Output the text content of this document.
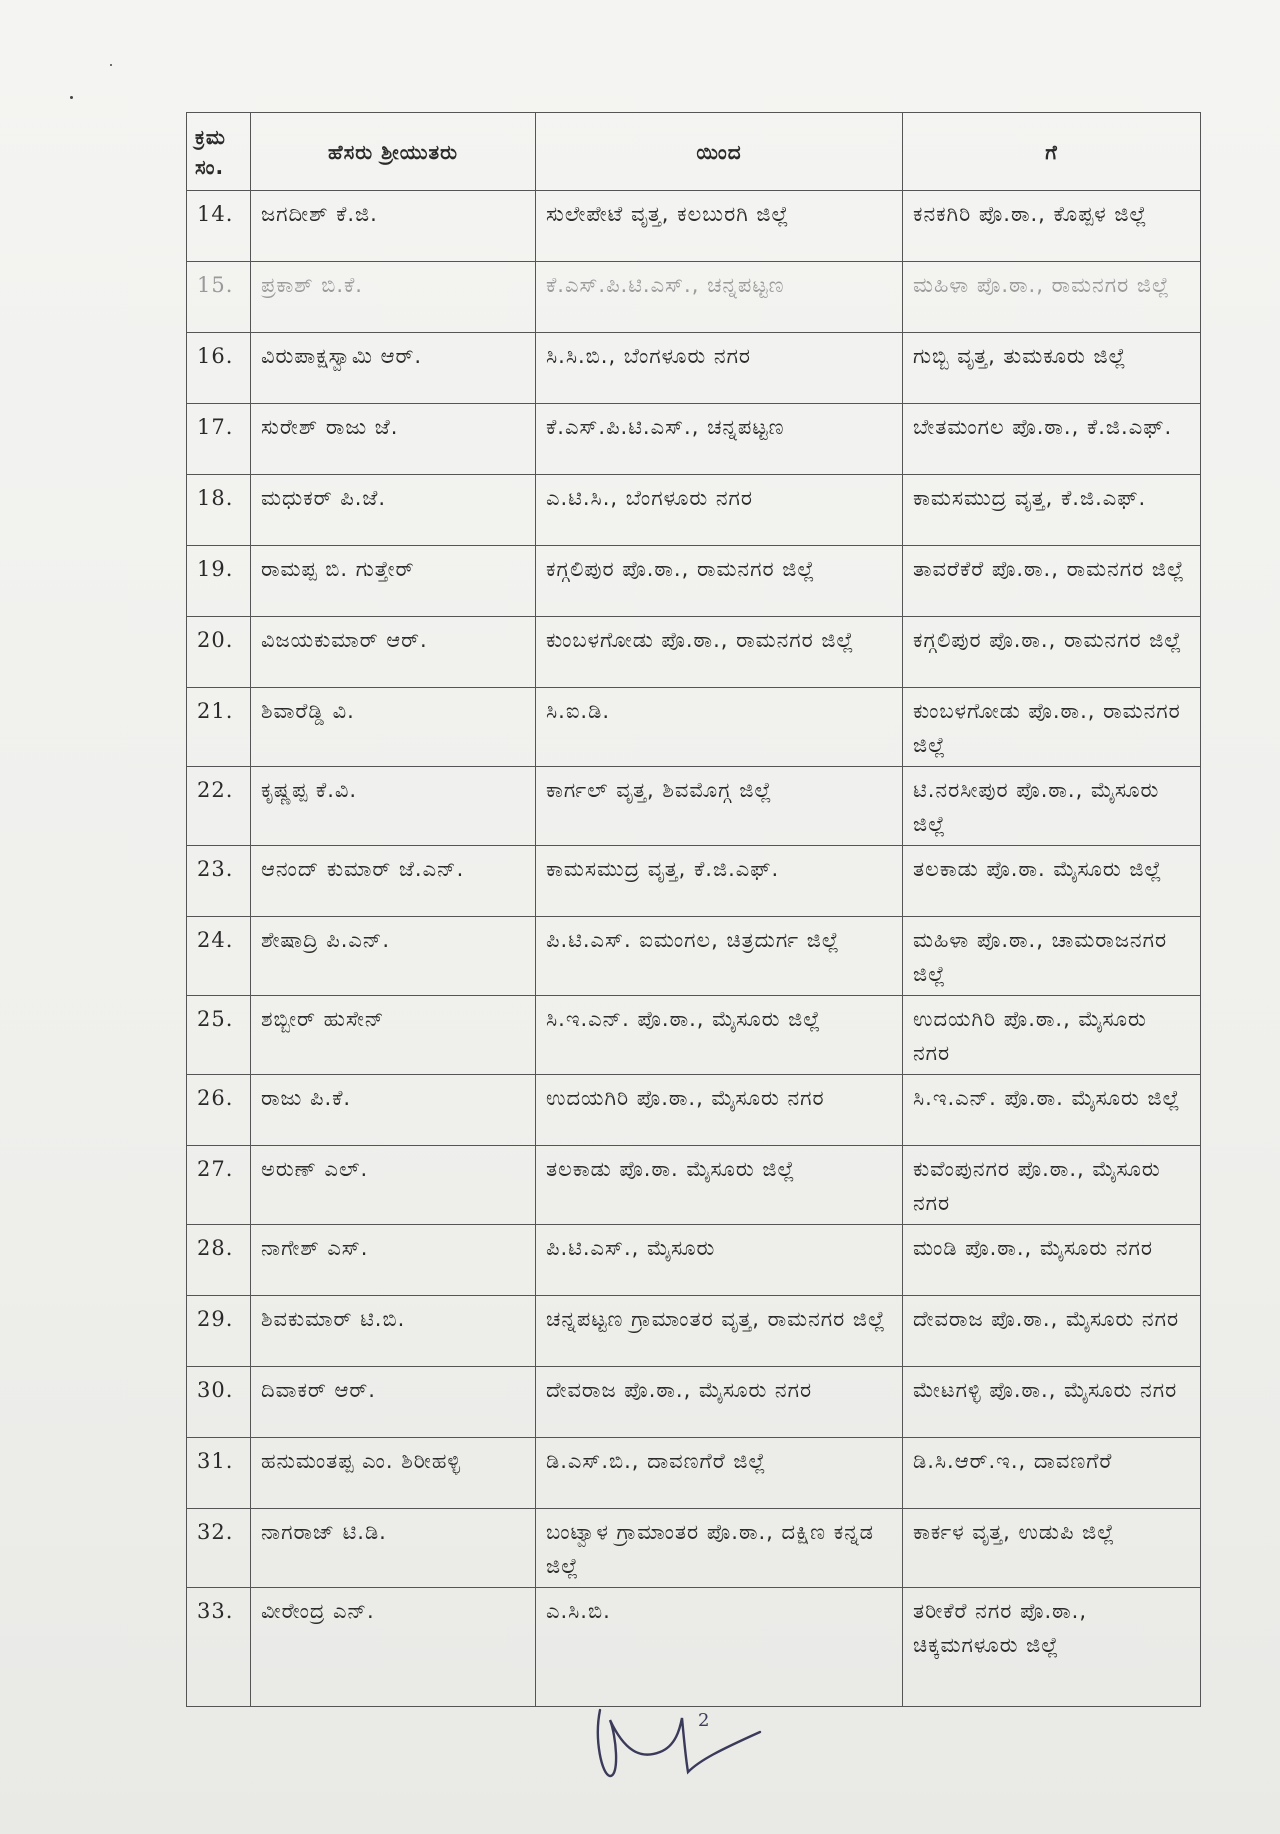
ಕ್ರಮ ಸಂ.	ಹೆಸರು ಶ್ರೀಯುತರು	ಯಿಂದ	ಗೆ
14.	ಜಗದೀಶ್ ಕೆ.ಜಿ.	ಸುಲೇಪೇಟೆ ವೃತ್ತ, ಕಲಬುರಗಿ ಜಿಲ್ಲೆ	ಕನಕಗಿರಿ ಪೊ.ಠಾ., ಕೊಪ್ಪಳ ಜಿಲ್ಲೆ
15.	ಪ್ರಕಾಶ್ ಬಿ.ಕೆ.	ಕೆ.ಎಸ್.ಪಿ.ಟಿ.ಎಸ್., ಚನ್ನಪಟ್ಟಣ	ಮಹಿಳಾ ಪೊ.ಠಾ., ರಾಮನಗರ ಜಿಲ್ಲೆ
16.	ವಿರುಪಾಕ್ಷಸ್ವಾಮಿ ಆರ್.	ಸಿ.ಸಿ.ಬಿ., ಬೆಂಗಳೂರು ನಗರ	ಗುಬ್ಬಿ ವೃತ್ತ, ತುಮಕೂರು ಜಿಲ್ಲೆ
17.	ಸುರೇಶ್ ರಾಜು ಜೆ.	ಕೆ.ಎಸ್.ಪಿ.ಟಿ.ಎಸ್., ಚನ್ನಪಟ್ಟಣ	ಬೇತಮಂಗಲ ಪೊ.ಠಾ., ಕೆ.ಜಿ.ಎಫ್.
18.	ಮಧುಕರ್ ಪಿ.ಜೆ.	ಎ.ಟಿ.ಸಿ., ಬೆಂಗಳೂರು ನಗರ	ಕಾಮಸಮುದ್ರ ವೃತ್ತ, ಕೆ.ಜಿ.ಎಫ್.
19.	ರಾಮಪ್ಪ ಬಿ. ಗುತ್ತೇರ್	ಕಗ್ಗಲಿಪುರ ಪೊ.ಠಾ., ರಾಮನಗರ ಜಿಲ್ಲೆ	ತಾವರೆಕೆರೆ ಪೊ.ಠಾ., ರಾಮನಗರ ಜಿಲ್ಲೆ
20.	ವಿಜಯಕುಮಾರ್ ಆರ್.	ಕುಂಬಳಗೋಡು ಪೊ.ಠಾ., ರಾಮನಗರ ಜಿಲ್ಲೆ	ಕಗ್ಗಲಿಪುರ ಪೊ.ಠಾ., ರಾಮನಗರ ಜಿಲ್ಲೆ
21.	ಶಿವಾರೆಡ್ಡಿ ವಿ.	ಸಿ.ಐ.ಡಿ.	ಕುಂಬಳಗೋಡು ಪೊ.ಠಾ., ರಾಮನಗರ ಜಿಲ್ಲೆ
22.	ಕೃಷ್ಣಪ್ಪ ಕೆ.ವಿ.	ಕಾರ್ಗಲ್ ವೃತ್ತ, ಶಿವಮೊಗ್ಗ ಜಿಲ್ಲೆ	ಟಿ.ನರಸೀಪುರ ಪೊ.ಠಾ., ಮೈಸೂರು ಜಿಲ್ಲೆ
23.	ಆನಂದ್ ಕುಮಾರ್ ಜೆ.ಎನ್.	ಕಾಮಸಮುದ್ರ ವೃತ್ತ, ಕೆ.ಜಿ.ಎಫ್.	ತಲಕಾಡು ಪೊ.ಠಾ. ಮೈಸೂರು ಜಿಲ್ಲೆ
24.	ಶೇಷಾದ್ರಿ ಪಿ.ಎನ್.	ಪಿ.ಟಿ.ಎಸ್. ಐಮಂಗಲ, ಚಿತ್ರದುರ್ಗ ಜಿಲ್ಲೆ	ಮಹಿಳಾ ಪೊ.ಠಾ., ಚಾಮರಾಜನಗರ ಜಿಲ್ಲೆ
25.	ಶಬ್ಬೀರ್ ಹುಸೇನ್	ಸಿ.ಇ.ಎನ್. ಪೊ.ಠಾ., ಮೈಸೂರು ಜಿಲ್ಲೆ	ಉದಯಗಿರಿ ಪೊ.ಠಾ., ಮೈಸೂರು ನಗರ
26.	ರಾಜು ಪಿ.ಕೆ.	ಉದಯಗಿರಿ ಪೊ.ಠಾ., ಮೈಸೂರು ನಗರ	ಸಿ.ಇ.ಎನ್. ಪೊ.ಠಾ. ಮೈಸೂರು ಜಿಲ್ಲೆ
27.	ಅರುಣ್ ಎಲ್.	ತಲಕಾಡು ಪೊ.ಠಾ. ಮೈಸೂರು ಜಿಲ್ಲೆ	ಕುವೆಂಪುನಗರ ಪೊ.ಠಾ., ಮೈಸೂರು ನಗರ
28.	ನಾಗೇಶ್ ಎಸ್.	ಪಿ.ಟಿ.ಎಸ್., ಮೈಸೂರು	ಮಂಡಿ ಪೊ.ಠಾ., ಮೈಸೂರು ನಗರ
29.	ಶಿವಕುಮಾರ್ ಟಿ.ಬಿ.	ಚನ್ನಪಟ್ಟಣ ಗ್ರಾಮಾಂತರ ವೃತ್ತ, ರಾಮನಗರ ಜಿಲ್ಲೆ	ದೇವರಾಜ ಪೊ.ಠಾ., ಮೈಸೂರು ನಗರ
30.	ದಿವಾಕರ್ ಆರ್.	ದೇವರಾಜ ಪೊ.ಠಾ., ಮೈಸೂರು ನಗರ	ಮೇಟಗಳ್ಳಿ ಪೊ.ಠಾ., ಮೈಸೂರು ನಗರ
31.	ಹನುಮಂತಪ್ಪ ಎಂ. ಶಿರೀಹಳ್ಳಿ	ಡಿ.ಎಸ್.ಬಿ., ದಾವಣಗೆರೆ ಜಿಲ್ಲೆ	ಡಿ.ಸಿ.ಆರ್.ಇ., ದಾವಣಗೆರೆ
32.	ನಾಗರಾಜ್ ಟಿ.ಡಿ.	ಬಂಟ್ವಾಳ ಗ್ರಾಮಾಂತರ ಪೊ.ಠಾ., ದಕ್ಷಿಣ ಕನ್ನಡ ಜಿಲ್ಲೆ	ಕಾರ್ಕಳ ವೃತ್ತ, ಉಡುಪಿ ಜಿಲ್ಲೆ
33.	ವೀರೇಂದ್ರ ಎನ್.	ಎ.ಸಿ.ಬಿ.	ತರೀಕೆರೆ ನಗರ ಪೊ.ಠಾ., ಚಿಕ್ಕಮಗಳೂರು ಜಿಲ್ಲೆ
2
